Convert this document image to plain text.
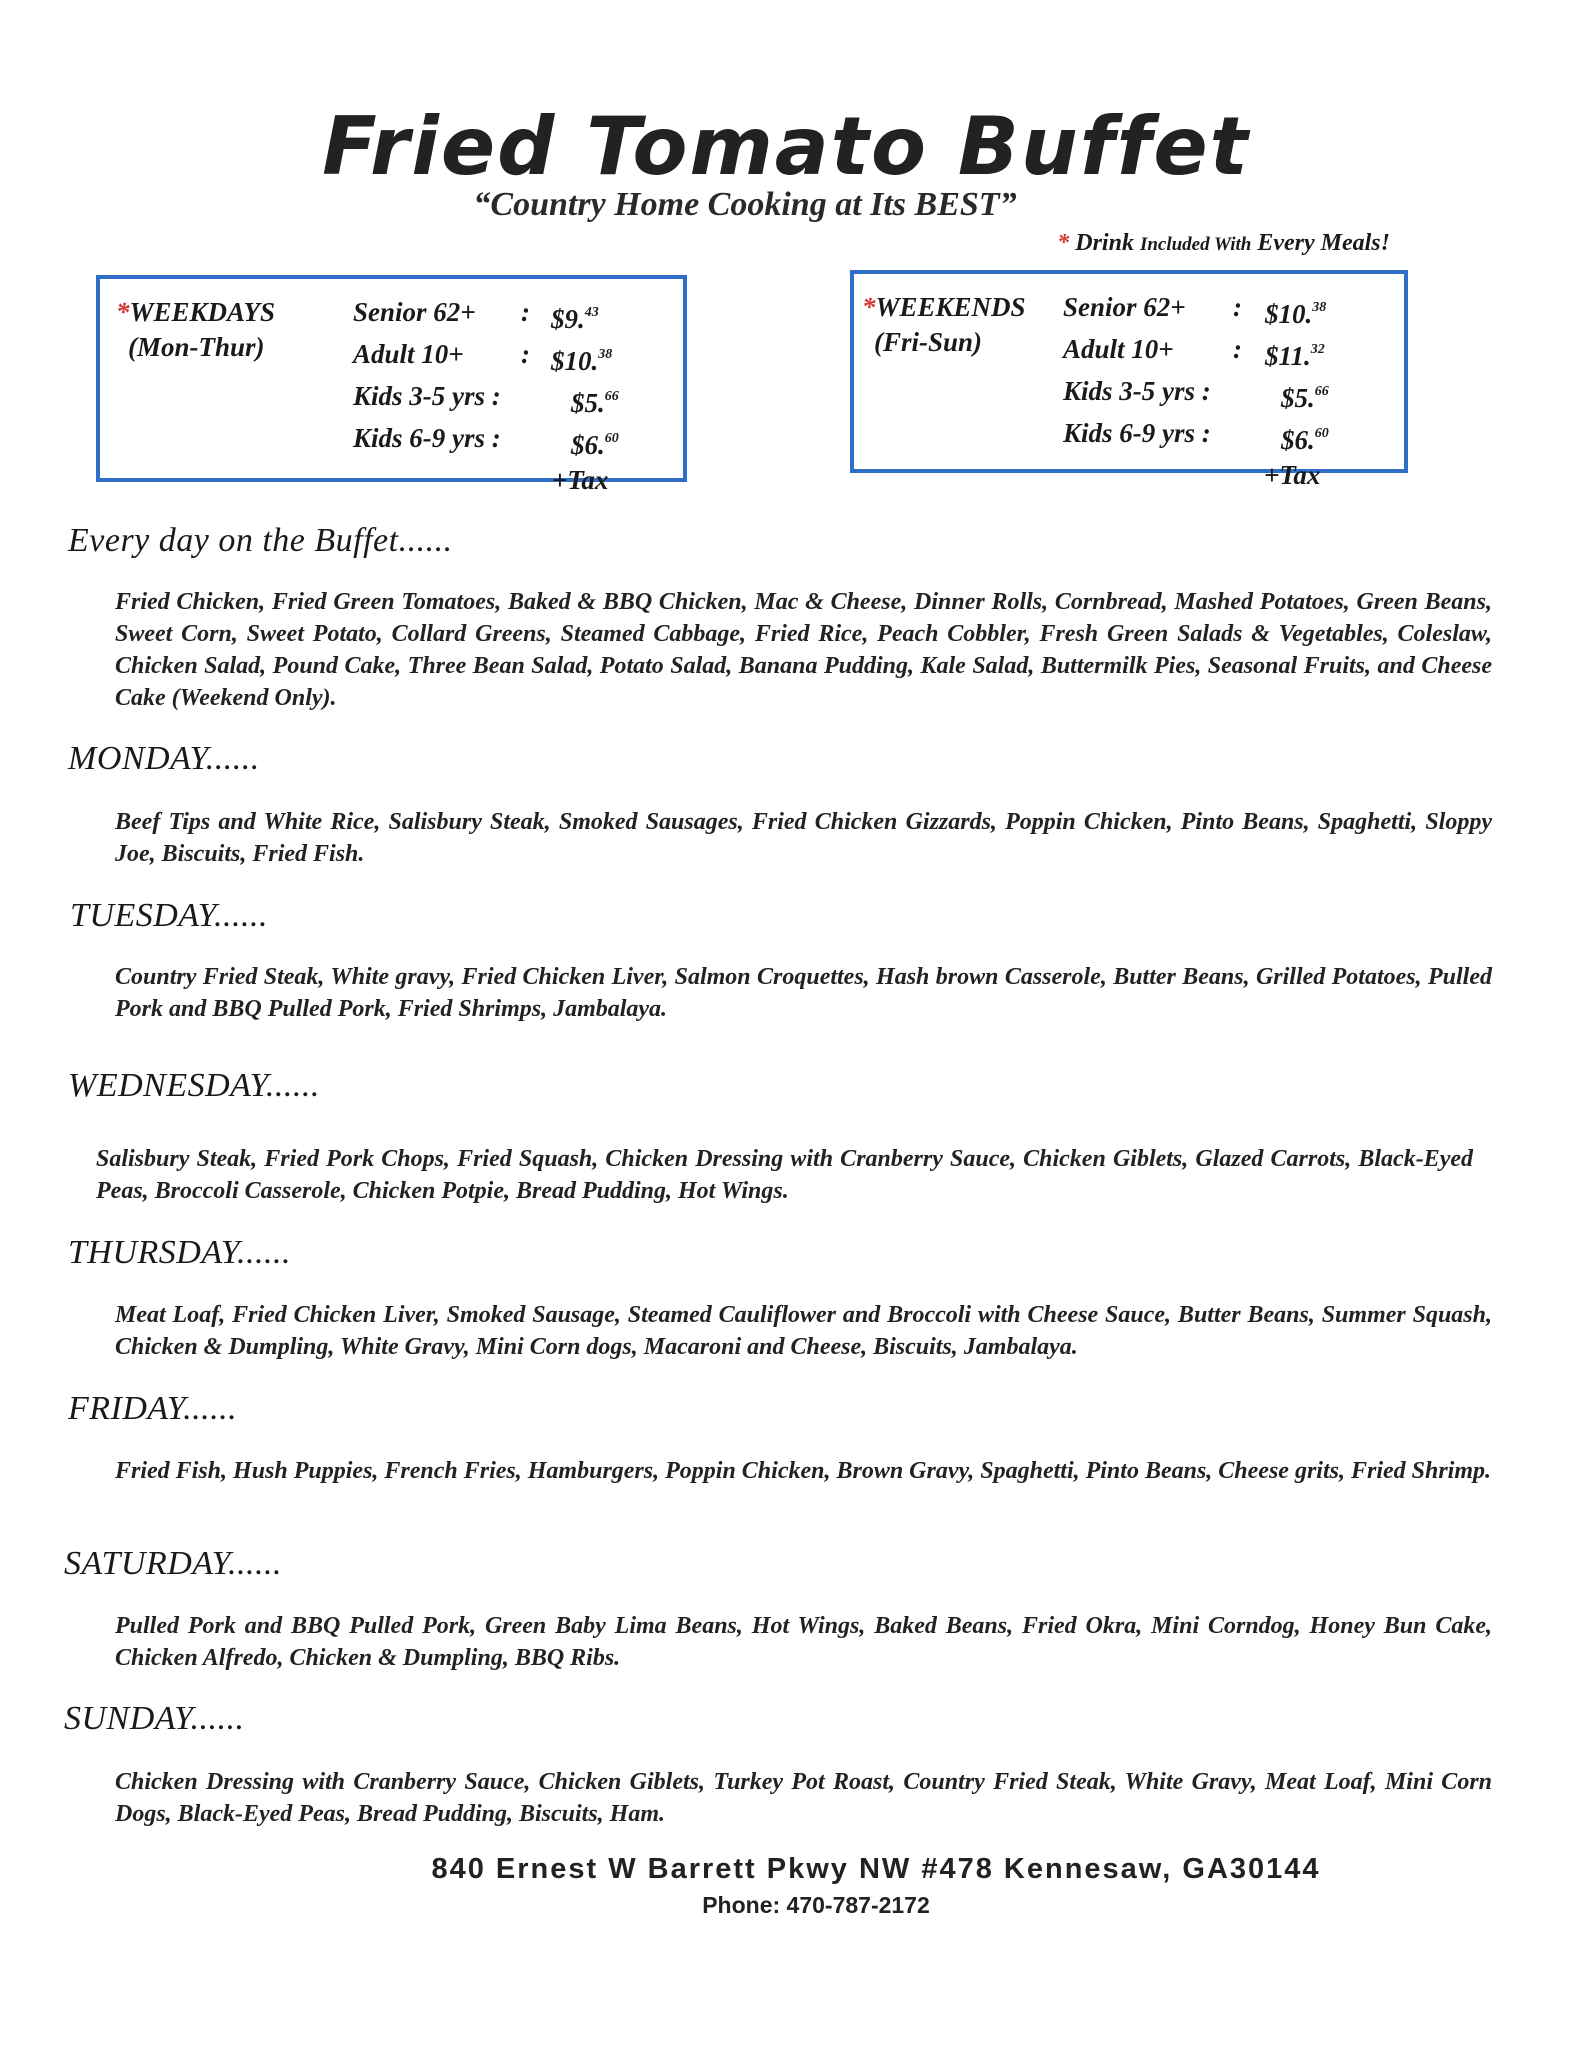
Fried Tomato Buffet
“Country Home Cooking at Its BEST”
* Drink Included With Every Meals!
*WEEKDAYS
(Mon-Thur)
Senior 62+	: $9.43
Adult 10+	: $10.38
Kids 3-5 yrs :	$5.66
Kids 6-9 yrs :	$6.60
+Tax
*WEEKENDS
(Fri-Sun)
Senior 62+	: $10.38
Adult 10+	: $11.32
Kids 3-5 yrs :	$5.66
Kids 6-9 yrs :	$6.60
+Tax
Every day on the Buffet......
Fried Chicken, Fried Green Tomatoes, Baked & BBQ Chicken, Mac & Cheese, Dinner Rolls, Cornbread, Mashed Potatoes, Green Beans, Sweet Corn, Sweet Potato, Collard Greens, Steamed Cabbage, Fried Rice, Peach Cobbler, Fresh Green Salads & Vegetables, Coleslaw, Chicken Salad, Pound Cake, Three Bean Salad, Potato Salad, Banana Pudding, Kale Salad, Buttermilk Pies, Seasonal Fruits, and Cheese Cake (Weekend Only).
MONDAY......
Beef Tips and White Rice, Salisbury Steak, Smoked Sausages, Fried Chicken Gizzards, Poppin Chicken, Pinto Beans, Spaghetti, Sloppy Joe, Biscuits, Fried Fish.
TUESDAY......
Country Fried Steak, White gravy, Fried Chicken Liver, Salmon Croquettes, Hash brown Casserole, Butter Beans, Grilled Potatoes, Pulled Pork and BBQ Pulled Pork, Fried Shrimps, Jambalaya.
WEDNESDAY......
Salisbury Steak, Fried Pork Chops, Fried Squash, Chicken Dressing with Cranberry Sauce, Chicken Giblets, Glazed Carrots, Black-Eyed Peas, Broccoli Casserole, Chicken Potpie, Bread Pudding, Hot Wings.
THURSDAY......
Meat Loaf, Fried Chicken Liver, Smoked Sausage, Steamed Cauliflower and Broccoli with Cheese Sauce, Butter Beans, Summer Squash, Chicken & Dumpling, White Gravy, Mini Corn dogs, Macaroni and Cheese, Biscuits, Jambalaya.
FRIDAY......
Fried Fish, Hush Puppies, French Fries, Hamburgers, Poppin Chicken, Brown Gravy, Spaghetti, Pinto Beans, Cheese grits, Fried Shrimp.
SATURDAY......
Pulled Pork and BBQ Pulled Pork, Green Baby Lima Beans, Hot Wings, Baked Beans, Fried Okra, Mini Corndog, Honey Bun Cake, Chicken Alfredo, Chicken & Dumpling, BBQ Ribs.
SUNDAY......
Chicken Dressing with Cranberry Sauce, Chicken Giblets, Turkey Pot Roast, Country Fried Steak, White Gravy, Meat Loaf, Mini Corn Dogs, Black-Eyed Peas, Bread Pudding, Biscuits, Ham.
840 Ernest W Barrett Pkwy NW #478 Kennesaw, GA30144
Phone: 470-787-2172
